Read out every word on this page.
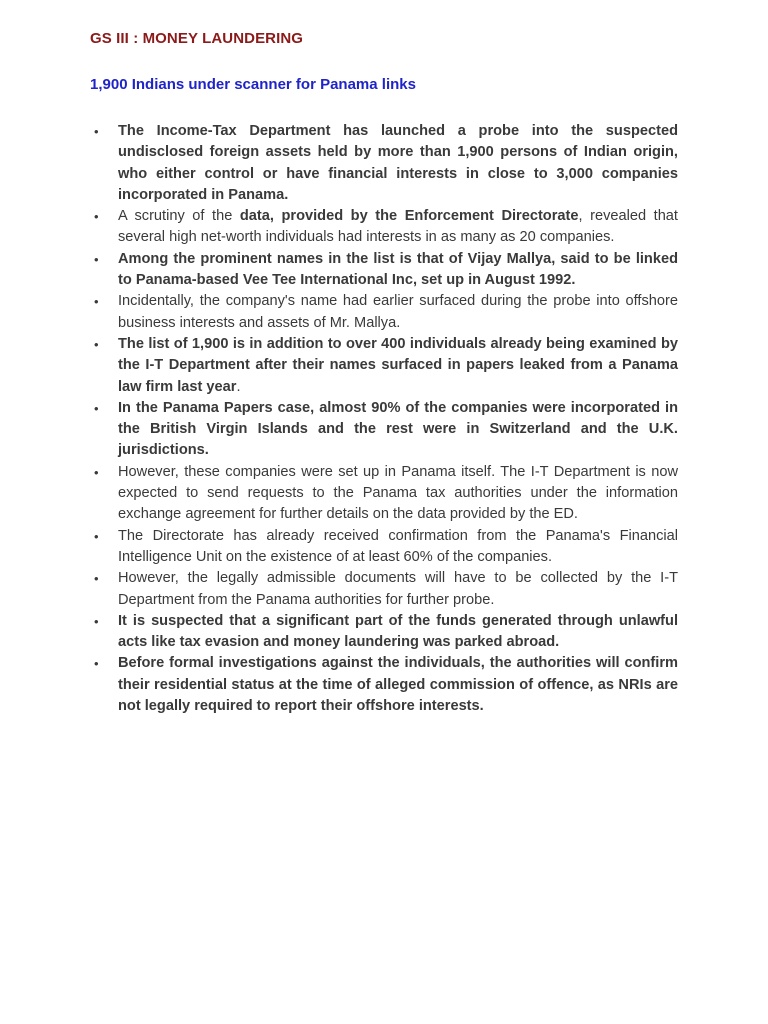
GS III : MONEY LAUNDERING
1,900 Indians under scanner for Panama links
• The Income-Tax Department has launched a probe into the suspected undisclosed foreign assets held by more than 1,900 persons of Indian origin, who either control or have financial interests in close to 3,000 companies incorporated in Panama.
• A scrutiny of the data, provided by the Enforcement Directorate, revealed that several high net-worth individuals had interests in as many as 20 companies.
• Among the prominent names in the list is that of Vijay Mallya, said to be linked to Panama-based Vee Tee International Inc, set up in August 1992.
• Incidentally, the company's name had earlier surfaced during the probe into offshore business interests and assets of Mr. Mallya.
• The list of 1,900 is in addition to over 400 individuals already being examined by the I-T Department after their names surfaced in papers leaked from a Panama law firm last year.
• In the Panama Papers case, almost 90% of the companies were incorporated in the British Virgin Islands and the rest were in Switzerland and the U.K. jurisdictions.
• However, these companies were set up in Panama itself. The I-T Department is now expected to send requests to the Panama tax authorities under the information exchange agreement for further details on the data provided by the ED.
• The Directorate has already received confirmation from the Panama's Financial Intelligence Unit on the existence of at least 60% of the companies.
• However, the legally admissible documents will have to be collected by the I-T Department from the Panama authorities for further probe.
• It is suspected that a significant part of the funds generated through unlawful acts like tax evasion and money laundering was parked abroad.
• Before formal investigations against the individuals, the authorities will confirm their residential status at the time of alleged commission of offence, as NRIs are not legally required to report their offshore interests.
